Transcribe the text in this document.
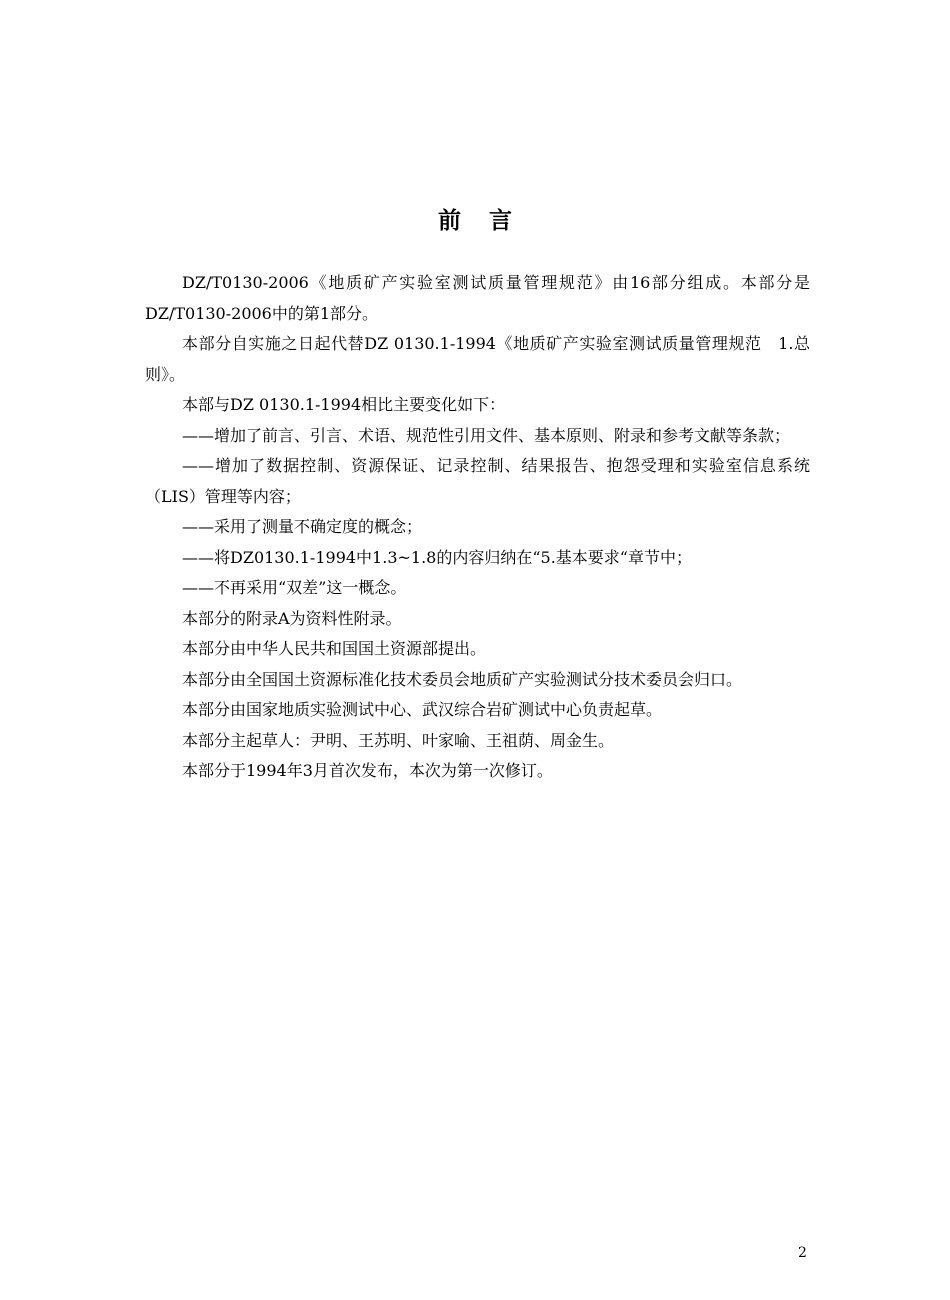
前 言

DZ/T0130-2006《地质矿产实验室测试质量管理规范》由16部分组成。本部分是DZ/T0130-2006中的第1部分。

本部分自实施之日起代替DZ 0130.1-1994《地质矿产实验室测试质量管理规范　1.总则》。

本部与DZ 0130.1-1994相比主要变化如下：

——增加了前言、引言、术语、规范性引用文件、基本原则、附录和参考文献等条款；

——增加了数据控制、资源保证、记录控制、结果报告、抱怨受理和实验室信息系统（LIS）管理等内容；

——采用了测量不确定度的概念；

——将DZ0130.1-1994中1.3~1.8的内容归纳在“5.基本要求“章节中；

——不再采用“双差”这一概念。

本部分的附录A为资料性附录。

本部分由中华人民共和国国土资源部提出。

本部分由全国国土资源标准化技术委员会地质矿产实验测试分技术委员会归口。

本部分由国家地质实验测试中心、武汉综合岩矿测试中心负责起草。

本部分主起草人：尹明、王苏明、叶家喻、王祖荫、周金生。

本部分于1994年3月首次发布，本次为第一次修订。

2
